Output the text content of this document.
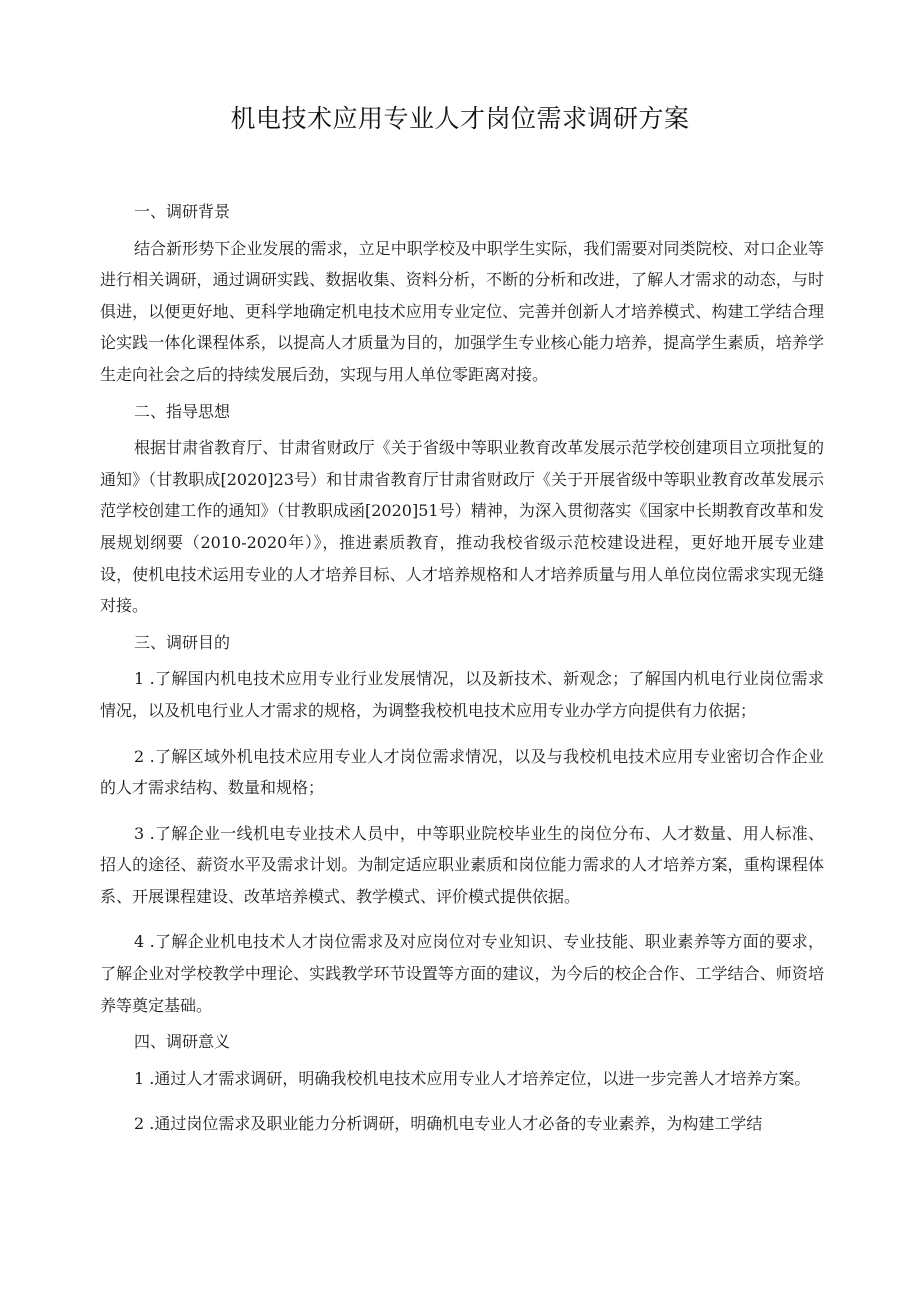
机电技术应用专业人才岗位需求调研方案
一、调研背景

结合新形势下企业发展的需求，立足中职学校及中职学生实际，我们需要对同类院校、对口企业等进行相关调研，通过调研实践、数据收集、资料分析，不断的分析和改进，了解人才需求的动态，与时俱进，以便更好地、更科学地确定机电技术应用专业定位、完善并创新人才培养模式、构建工学结合理论实践一体化课程体系，以提高人才质量为目的，加强学生专业核心能力培养，提高学生素质，培养学生走向社会之后的持续发展后劲，实现与用人单位零距离对接。

二、指导思想

根据甘肃省教育厅、甘肃省财政厅《关于省级中等职业教育改革发展示范学校创建项目立项批复的通知》（甘教职成[2020]23号）和甘肃省教育厅甘肃省财政厅《关于开展省级中等职业教育改革发展示范学校创建工作的通知》（甘教职成函[2020]51号）精神，为深入贯彻落实《国家中长期教育改革和发展规划纲要（2010-2020年）》，推进素质教育，推动我校省级示范校建设进程，更好地开展专业建设，使机电技术运用专业的人才培养目标、人才培养规格和人才培养质量与用人单位岗位需求实现无缝对接。

三、调研目的

1 .了解国内机电技术应用专业行业发展情况，以及新技术、新观念；了解国内机电行业岗位需求情况，以及机电行业人才需求的规格，为调整我校机电技术应用专业办学方向提供有力依据；

2 .了解区域外机电技术应用专业人才岗位需求情况，以及与我校机电技术应用专业密切合作企业的人才需求结构、数量和规格；

3 .了解企业一线机电专业技术人员中，中等职业院校毕业生的岗位分布、人才数量、用人标准、招人的途径、薪资水平及需求计划。为制定适应职业素质和岗位能力需求的人才培养方案，重构课程体系、开展课程建设、改革培养模式、教学模式、评价模式提供依据。

4 .了解企业机电技术人才岗位需求及对应岗位对专业知识、专业技能、职业素养等方面的要求，了解企业对学校教学中理论、实践教学环节设置等方面的建议，为今后的校企合作、工学结合、师资培养等奠定基础。

四、调研意义

1 .通过人才需求调研，明确我校机电技术应用专业人才培养定位，以进一步完善人才培养方案。

2 .通过岗位需求及职业能力分析调研，明确机电专业人才必备的专业素养，为构建工学结
